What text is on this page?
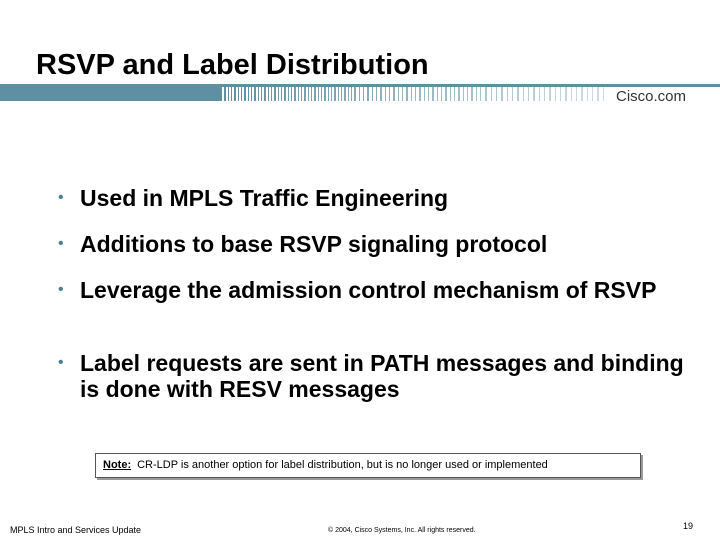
RSVP and Label Distribution
Cisco.com
• Used in MPLS Traffic Engineering
• Additions to base RSVP signaling protocol
• Leverage the admission control mechanism of RSVP
• Label requests are sent in PATH messages and binding is done with RESV messages
Note: CR-LDP is another option for label distribution, but is no longer used or implemented
MPLS Intro and Services Update	© 2004, Cisco Systems, Inc. All rights reserved.	19
